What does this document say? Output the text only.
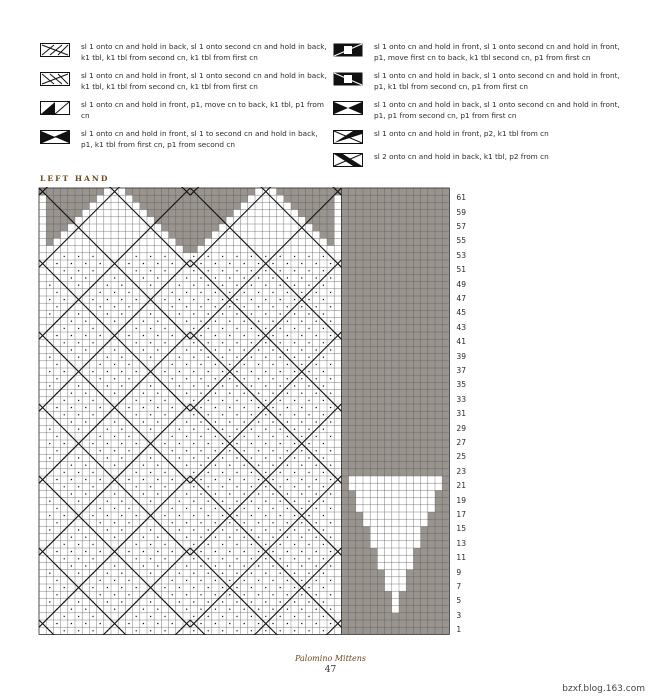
sl 1 onto cn and hold in back, sl 1 onto second cn and hold in back, k1 tbl, k1 tbl from second cn, k1 tbl from first cn
sl 1 onto cn and hold in front, sl 1 onto second cn and hold in back, k1 tbl, k1 tbl from second cn, k1 tbl from first cn
sl 1 onto cn and hold in front, p1, move cn to back, k1 tbl, p1 from cn
sl 1 onto cn and hold in front, sl 1 to second cn and hold in back, p1, k1 tbl from first cn, p1 from second cn
sl 1 onto cn and hold in front, sl 1 onto second cn and hold in front, p1, move first cn to back, k1 tbl second cn, p1 from first cn
sl 1 onto cn and hold in back, sl 1 onto second cn and hold in front, p1, k1 tbl from second cn, p1 from first cn
sl 1 onto cn and hold in back, sl 1 onto second cn and hold in front, p1, p1 from second cn, p1 from first cn
sl 1 onto cn and hold in front, p2, k1 tbl from cn
sl 2 onto cn and hold in back, k1 tbl, p2 from cn
LEFT HAND
61
59
57
55
53
51
49
47
45
43
41
39
37
35
33
31
29
27
25
23
21
19
17
15
13
11
9
7
5
3
1
Palomino Mittens
47
bzxf.blog.163.com
